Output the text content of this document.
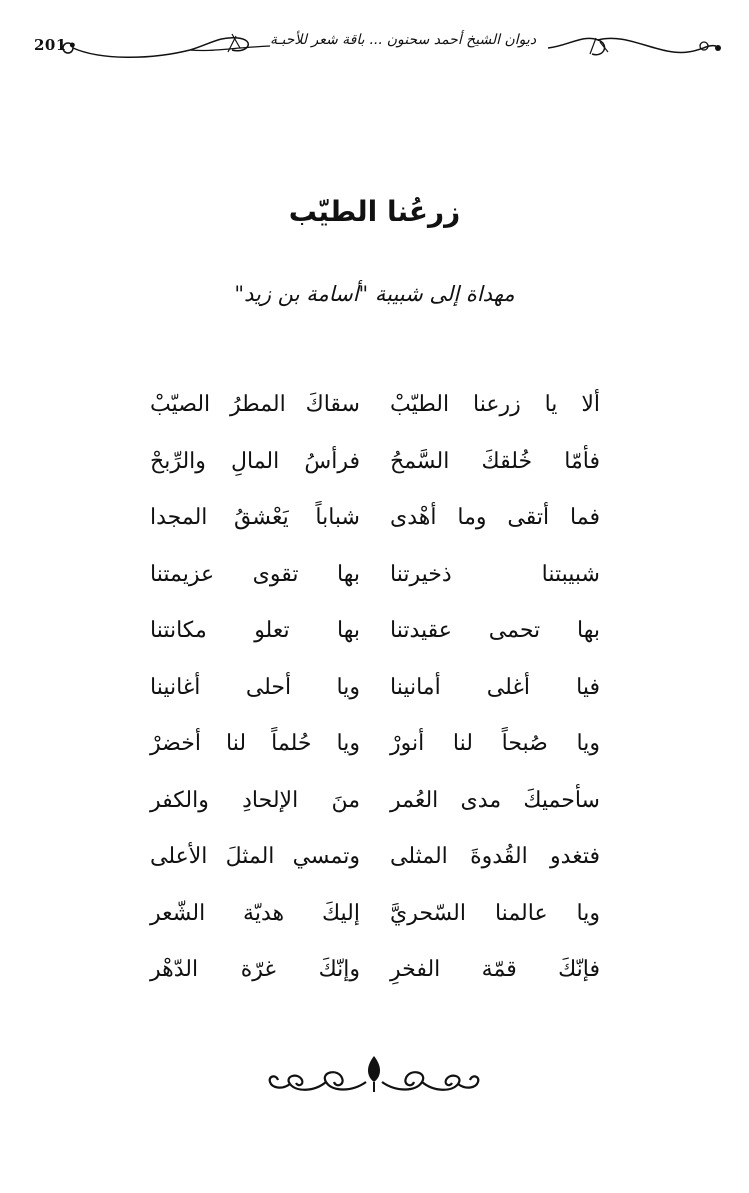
201 •	ديوان الشيخ أحمد سحنون ... باقة شعر للأحبـة
زرعُنا الطيّب
مهداة إلى شبيبة "أسامة بن زيد"
ألا يا زرعنا الطيّبْ
سقاكَ المطرُ الصيّبْ
فأمّا خُلقكَ السَّمحُ
فرأسُ المالِ والرِّبحْ
فما أتقى وما أهْدى
شباباً يَعْشقُ المجدا
شبيبتنا ذخيرتنا
بها تقوى عزيمتنا
بها تحمى عقيدتنا
بها تعلو مكانتنا
فيا أغلى أمانينا
ويا أحلى أغانينا
ويا صُبحاً لنا أنورْ
ويا حُلماً لنا أخضرْ
سأحميكَ مدى العُمر
منَ الإلحادِ والكفر
فتغدو القُدوةَ المثلى
وتمسي المثلَ الأعلى
ويا عالمنا السّحريَّ
إليكَ هديّة الشّعر
فإنّكَ قمّة الفخرِ
وإنّكَ غرّة الدّهْر
